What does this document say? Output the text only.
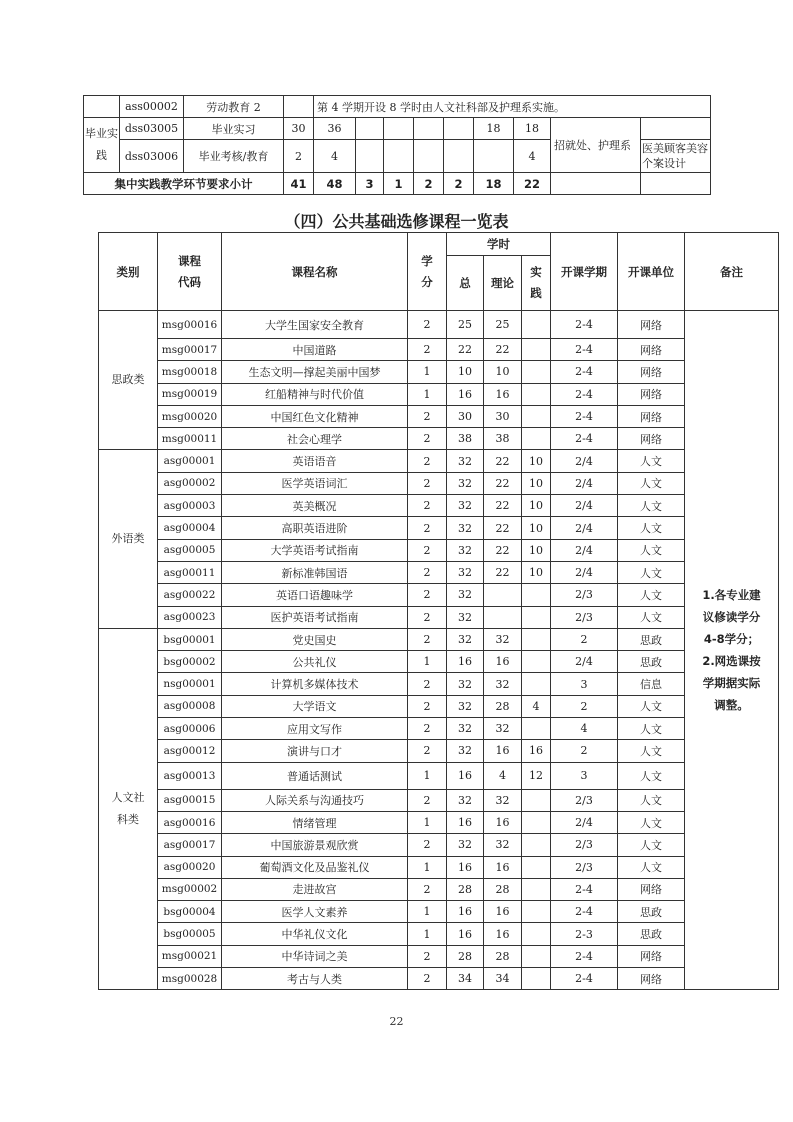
	ass00002	劳动教育 2		第 4 学期开设 8 学时由人文社科部及护理系实施。								
毕业实践	dss03005	毕业实习	30	36					18	18	招就处、护理系	
	dss03006	毕业考核/教育	2	4						4		医美顾客美容个案设计
集中实践教学环节要求小计			41	48	3	1	2	2	18	22		
（四）公共基础选修课程一览表
类别	课程代码	课程名称	学分	学时			开课学期	开课单位	备注
				总	理论	实践			
思政类	msg00016	大学生国家安全教育	2	25	25		2-4	网络	1.各专业建议修读学分 4-8学分；2.网选课按学期据实际调整。
	msg00017	中国道路	2	22	22		2-4	网络	
	msg00018	生态文明—撑起美丽中国梦	1	10	10		2-4	网络	
	msg00019	红船精神与时代价值	1	16	16		2-4	网络	
	msg00020	中国红色文化精神	2	30	30		2-4	网络	
	msg00011	社会心理学	2	38	38		2-4	网络	
外语类	asg00001	英语语音	2	32	22	10	2/4	人文	
	asg00002	医学英语词汇	2	32	22	10	2/4	人文	
	asg00003	英美概况	2	32	22	10	2/4	人文	
	asg00004	高职英语进阶	2	32	22	10	2/4	人文	
	asg00005	大学英语考试指南	2	32	22	10	2/4	人文	
	asg00011	新标准韩国语	2	32	22	10	2/4	人文	
	asg00022	英语口语趣味学	2	32			2/3	人文	
	asg00023	医护英语考试指南	2	32			2/3	人文	
人文社科类	bsg00001	党史国史	2	32	32		2	思政	
	bsg00002	公共礼仪	1	16	16		2/4	思政	
	nsg00001	计算机多媒体技术	2	32	32		3	信息	
	asg00008	大学语文	2	32	28	4	2	人文	
	asg00006	应用文写作	2	32	32		4	人文	
	asg00012	演讲与口才	2	32	16	16	2	人文	
	asg00013	普通话测试	1	16	4	12	3	人文	
	asg00015	人际关系与沟通技巧	2	32	32		2/3	人文	
	asg00016	情绪管理	1	16	16		2/4	人文	
	asg00017	中国旅游景观欣赏	2	32	32		2/3	人文	
	asg00020	葡萄酒文化及品鉴礼仪	1	16	16		2/3	人文	
	msg00002	走进故宫	2	28	28		2-4	网络	
	bsg00004	医学人文素养	1	16	16		2-4	思政	
	bsg00005	中华礼仪文化	1	16	16		2-3	思政	
	msg00021	中华诗词之美	2	28	28		2-4	网络	
	msg00028	考古与人类	2	34	34		2-4	网络	
22
